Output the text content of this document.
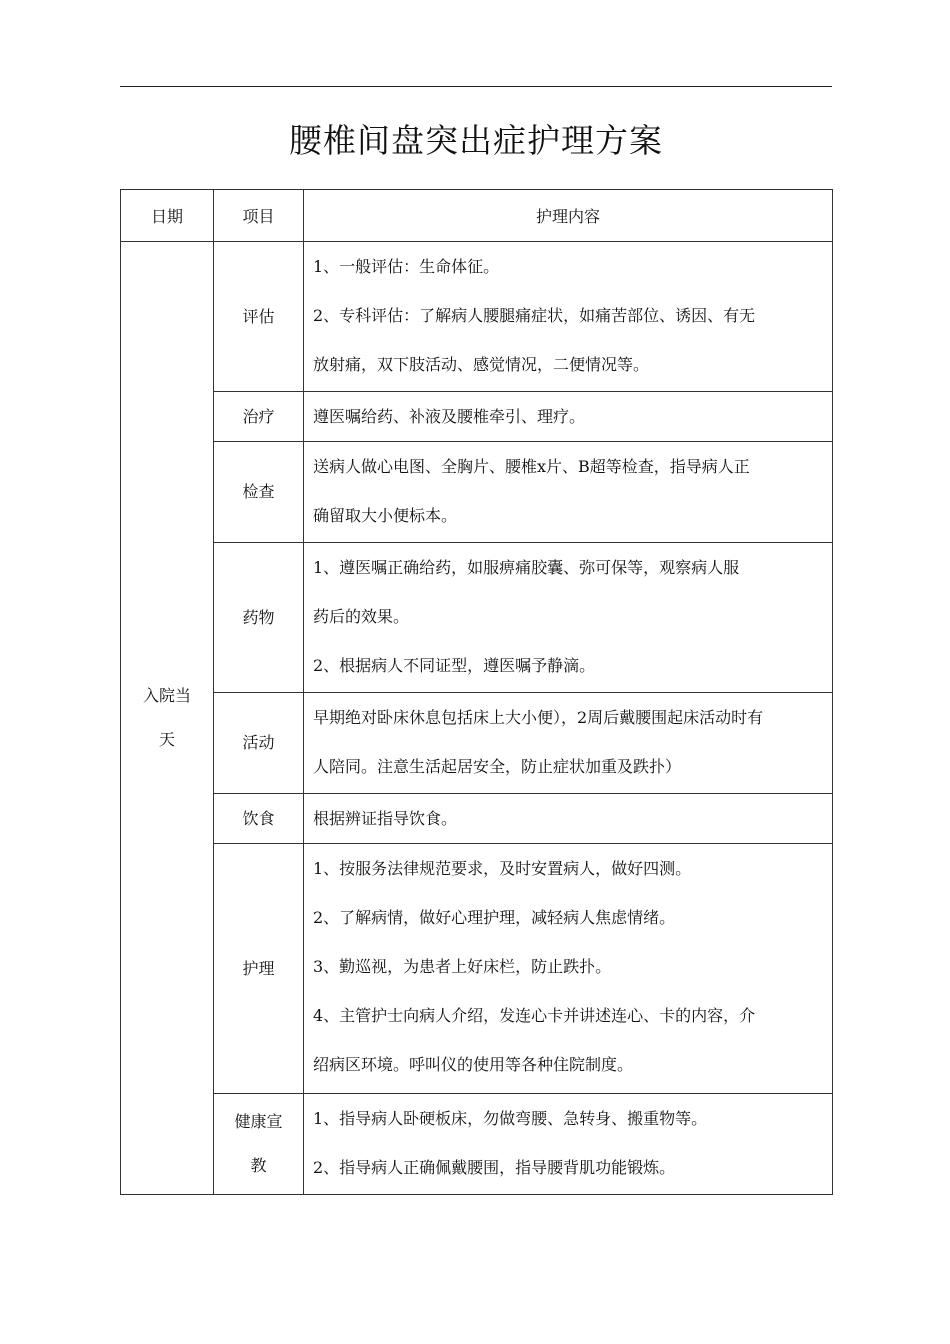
腰椎间盘突出症护理方案
日期	项目	护理内容

入院当天	评估	1、一般评估：生命体征。

2、专科评估：了解病人腰腿痛症状，如痛苦部位、诱因、有无

放射痛，双下肢活动、感觉情况，二便情况等。

	治疗	遵医嘱给药、补液及腰椎牵引、理疗。

	检查	送病人做心电图、全胸片、腰椎x片、B超等检查，指导病人正

确留取大小便标本。

	药物	1、遵医嘱正确给药，如服痹痛胶囊、弥可保等，观察病人服

药后的效果。

2、根据病人不同证型，遵医嘱予静滴。

	活动	早期绝对卧床休息包括床上大小便），2周后戴腰围起床活动时有

人陪同。注意生活起居安全，防止症状加重及跌扑）

	饮食	根据辨证指导饮食。

	护理	1、按服务法律规范要求，及时安置病人，做好四测。

2、了解病情，做好心理护理，减轻病人焦虑情绪。

3、勤巡视，为患者上好床栏，防止跌扑。

4、主管护士向病人介绍，发连心卡并讲述连心、卡的内容，介

绍病区环境。呼叫仪的使用等各种住院制度。

	健康宣教	1、指导病人卧硬板床，勿做弯腰、急转身、搬重物等。

2、指导病人正确佩戴腰围，指导腰背肌功能锻炼。
